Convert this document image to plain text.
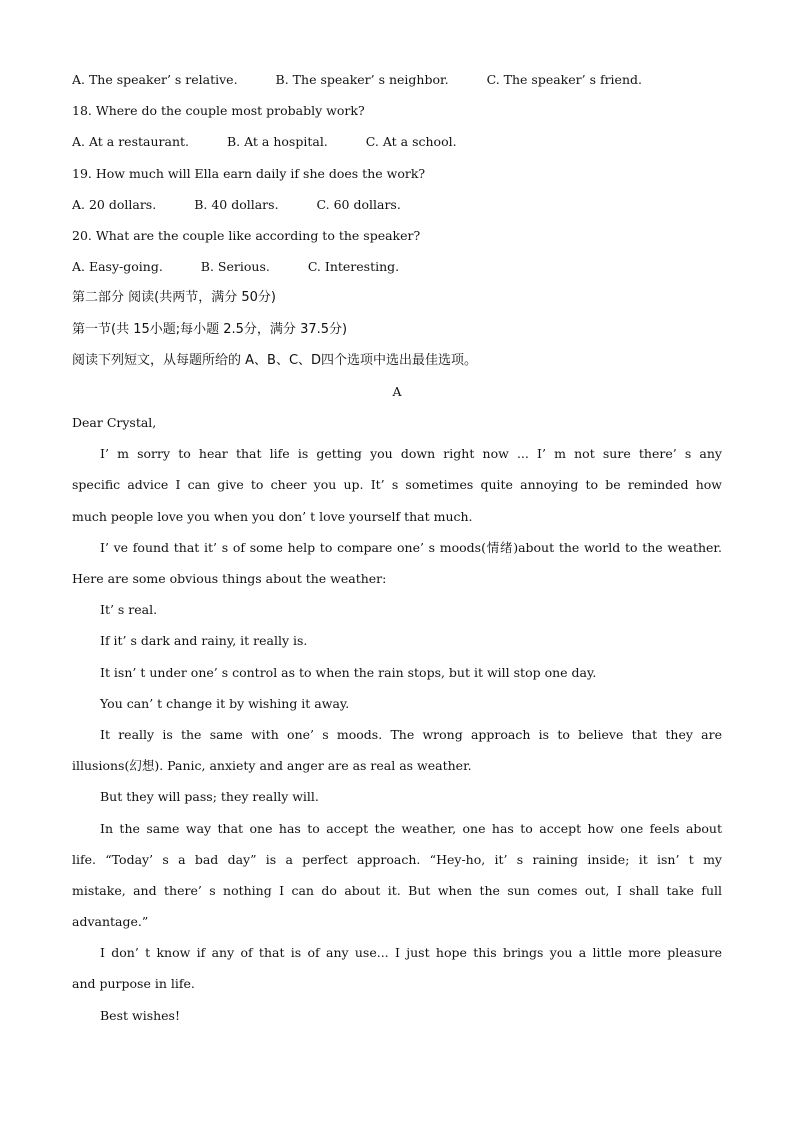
A. The speaker’ s relative.	B. The speaker’ s neighbor.	C. The speaker’ s friend.
18. Where do the couple most probably work?
A. At a restaurant.	B. At a hospital.	C. At a school.
19. How much will Ella earn daily if she does the work?
A. 20 dollars.	B. 40 dollars.	C. 60 dollars.
20. What are the couple like according to the speaker?
A. Easy-going.	B. Serious.	C. Interesting.
第二部分 阅读(共两节，满分 50分)
第一节(共 15小题;每小题 2.5分，满分 37.5分)
阅读下列短文，从每题所给的 A、B、C、D四个选项中选出最佳选项。
A
Dear Crystal,
I’ m sorry to hear that life is getting you down right now ... I’ m not sure there’ s any
specific advice I can give to cheer you up. It’ s sometimes quite annoying to be reminded how
much people love you when you don’ t love yourself that much.
I’ ve found that it’ s of some help to compare one’ s moods(情绪)about the world to the weather.
Here are some obvious things about the weather:
It’ s real.
If it’ s dark and rainy, it really is.
It isn’ t under one’ s control as to when the rain stops, but it will stop one day.
You can’ t change it by wishing it away.
It really is the same with one’ s moods. The wrong approach is to believe that they are
illusions(幻想). Panic, anxiety and anger are as real as weather.
But they will pass; they really will.
In the same way that one has to accept the weather, one has to accept how one feels about
life. “Today’ s a bad day” is a perfect approach. “Hey-ho, it’ s raining inside; it isn’ t my
mistake, and there’ s nothing I can do about it. But when the sun comes out, I shall take full
advantage.”
I don’ t know if any of that is of any use... I just hope this brings you a little more pleasure
and purpose in life.
Best wishes!
